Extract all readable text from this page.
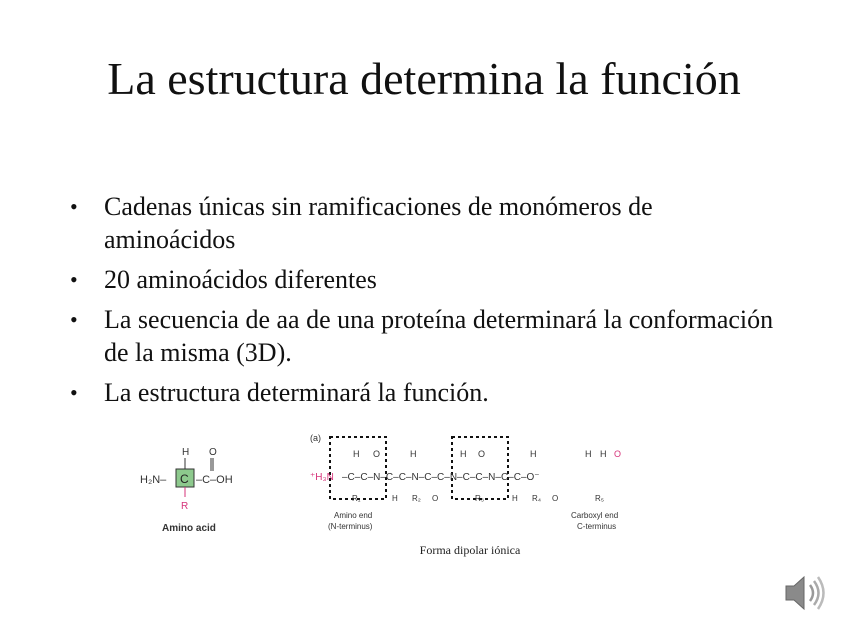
La estructura determina la función
• Cadenas únicas sin ramificaciones de monómeros de aminoácidos
• 20 aminoácidos diferentes
• La secuencia de aa de una proteína determinará la conformación de la misma (3D).
• La estructura determinará la función.
H₂N– C –C–OH
H O
R
Amino acid
(a)
⁺H₃N –C–C–N–C–C–N–C–C–N–C–C–N–C–C–O⁻
H O	H	H O	H	H H O
R₁	H R₂ O	R₃	H R₄ O	R₅
Amino end
(N-terminus)
Carboxyl end
C-terminus
Forma dipolar iónica
